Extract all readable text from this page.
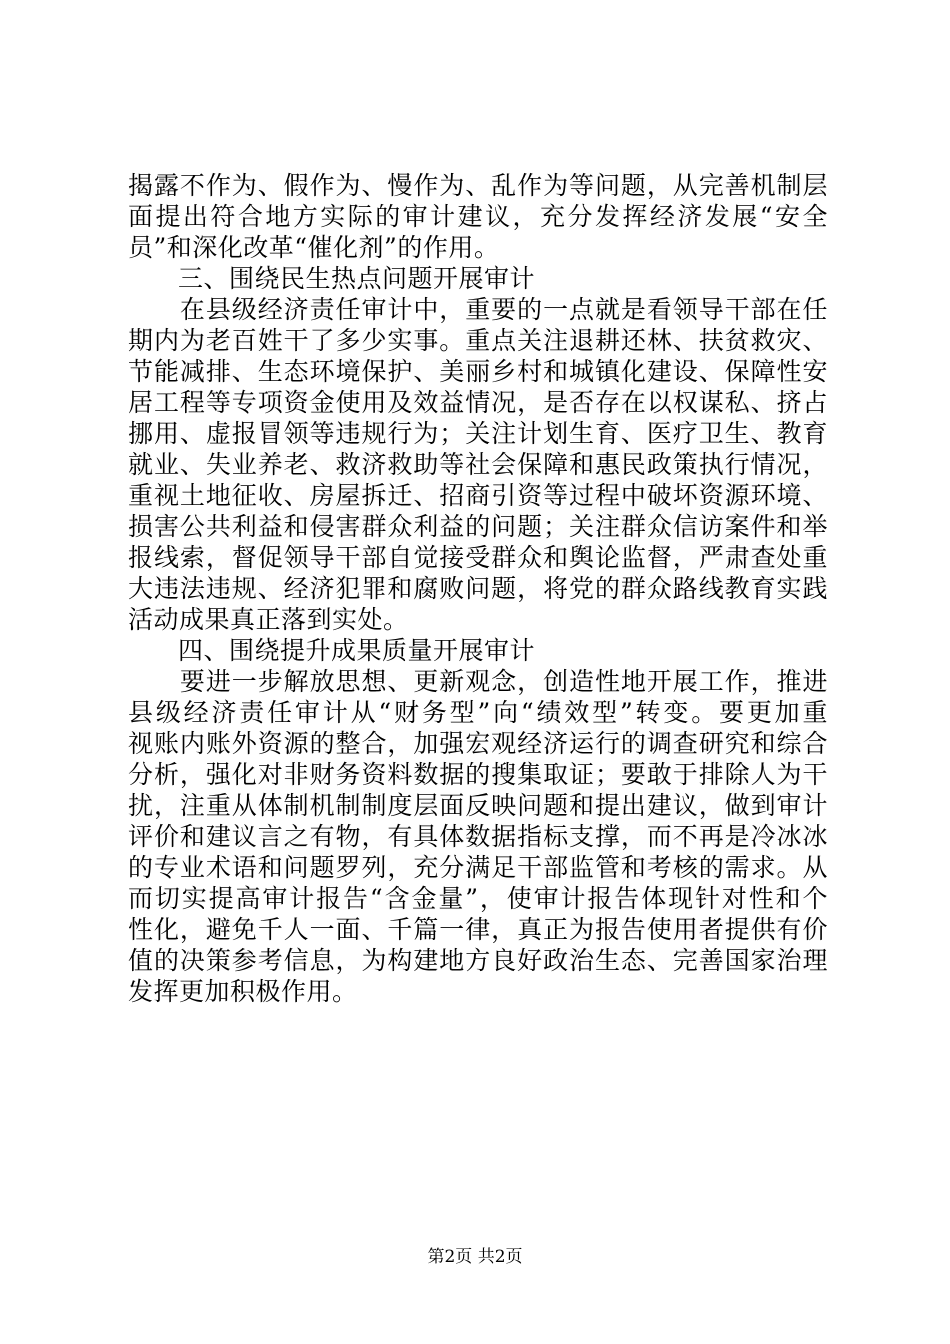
揭露不作为、假作为、慢作为、乱作为等问题，从完善机制层
面提出符合地方实际的审计建议，充分发挥经济发展“安全
员”和深化改革“催化剂”的作用。
三、围绕民生热点问题开展审计
　　在县级经济责任审计中，重要的一点就是看领导干部在任
期内为老百姓干了多少实事。重点关注退耕还林、扶贫救灾、
节能减排、生态环境保护、美丽乡村和城镇化建设、保障性安
居工程等专项资金使用及效益情况，是否存在以权谋私、挤占
挪用、虚报冒领等违规行为；关注计划生育、医疗卫生、教育
就业、失业养老、救济救助等社会保障和惠民政策执行情况，
重视土地征收、房屋拆迁、招商引资等过程中破坏资源环境、
损害公共利益和侵害群众利益的问题；关注群众信访案件和举
报线索，督促领导干部自觉接受群众和舆论监督，严肃查处重
大违法违规、经济犯罪和腐败问题，将党的群众路线教育实践
活动成果真正落到实处。
四、围绕提升成果质量开展审计
　　要进一步解放思想、更新观念，创造性地开展工作，推进
县级经济责任审计从“财务型”向“绩效型”转变。要更加重
视账内账外资源的整合，加强宏观经济运行的调查研究和综合
分析，强化对非财务资料数据的搜集取证；要敢于排除人为干
扰，注重从体制机制制度层面反映问题和提出建议，做到审计
评价和建议言之有物，有具体数据指标支撑，而不再是冷冰冰
的专业术语和问题罗列，充分满足干部监管和考核的需求。从
而切实提高审计报告“含金量”，使审计报告体现针对性和个
性化，避免千人一面、千篇一律，真正为报告使用者提供有价
值的决策参考信息，为构建地方良好政治生态、完善国家治理
发挥更加积极作用。
第2页 共2页
